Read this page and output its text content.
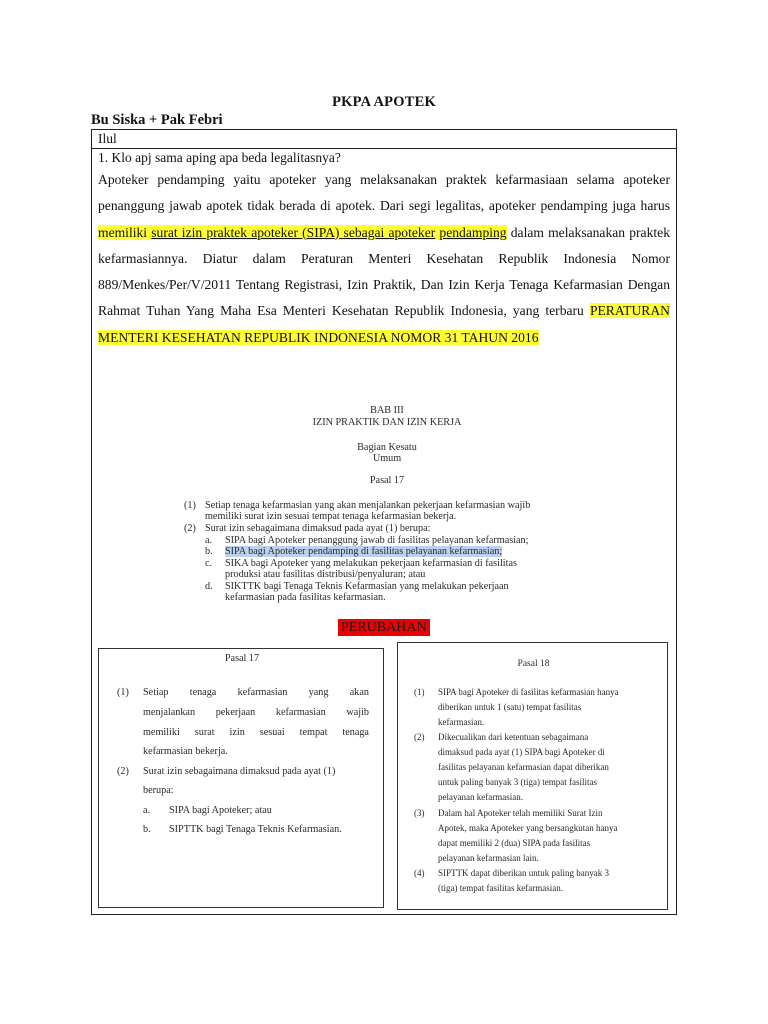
PKPA APOTEK
Bu Siska + Pak Febri
Ilul
1. Klo apj sama aping apa beda legalitasnya?
Apoteker pendamping yaitu apoteker yang melaksanakan praktek kefarmasiaan selama apoteker penanggung jawab apotek tidak berada di apotek. Dari segi legalitas, apoteker pendamping juga harus memiliki surat izin praktek apoteker (SIPA) sebagai apoteker pendamping dalam melaksanakan praktek kefarmasiannya. Diatur dalam Peraturan Menteri Kesehatan Republik Indonesia Nomor 889/Menkes/Per/V/2011 Tentang Registrasi, Izin Praktik, Dan Izin Kerja Tenaga Kefarmasian Dengan Rahmat Tuhan Yang Maha Esa Menteri Kesehatan Republik Indonesia, yang terbaru PERATURAN MENTERI KESEHATAN REPUBLIK INDONESIA NOMOR 31 TAHUN 2016
BAB III
IZIN PRAKTIK DAN IZIN KERJA
Bagian Kesatu
Umum
Pasal 17
(1) Setiap tenaga kefarmasian yang akan menjalankan pekerjaan kefarmasian wajib
memiliki surat izin sesuai tempat tenaga kefarmasian bekerja.
(2) Surat izin sebagaimana dimaksud pada ayat (1) berupa:
a. SIPA bagi Apoteker penanggung jawab di fasilitas pelayanan kefarmasian;
b. SIPA bagi Apoteker pendamping di fasilitas pelayanan kefarmasian;
c. SIKA bagi Apoteker yang melakukan pekerjaan kefarmasian di fasilitas
produksi atau fasilitas distribusi/penyaluran; atau
d. SIKTTK bagi Tenaga Teknis Kefarmasian yang melakukan pekerjaan
kefarmasian pada fasilitas kefarmasian.
PERUBAHAN
Pasal 17
(1) Setiap tenaga kefarmasian yang akan
menjalankan pekerjaan kefarmasian wajib
memiliki surat izin sesuai tempat tenaga
kefarmasian bekerja.
(2) Surat izin sebagaimana dimaksud pada ayat (1)
berupa:
a. SIPA bagi Apoteker; atau
b. SIPTTK bagi Tenaga Teknis Kefarmasian.
Pasal 18
(1) SIPA bagi Apoteker di fasilitas kefarmasian hanya
diberikan untuk 1 (satu) tempat fasilitas
kefarmasian.
(2) Dikecualikan dari ketentuan sebagaimana
dimaksud pada ayat (1) SIPA bagi Apoteker di
fasilitas pelayanan kefarmasian dapat diberikan
untuk paling banyak 3 (tiga) tempat fasilitas
pelayanan kefarmasian.
(3) Dalam hal Apoteker telah memiliki Surat Izin
Apotek, maka Apoteker yang bersangkutan hanya
dapat memiliki 2 (dua) SIPA pada fasilitas
pelayanan kefarmasian lain.
(4) SIPTTK dapat diberikan untuk paling banyak 3
(tiga) tempat fasilitas kefarmasian.
